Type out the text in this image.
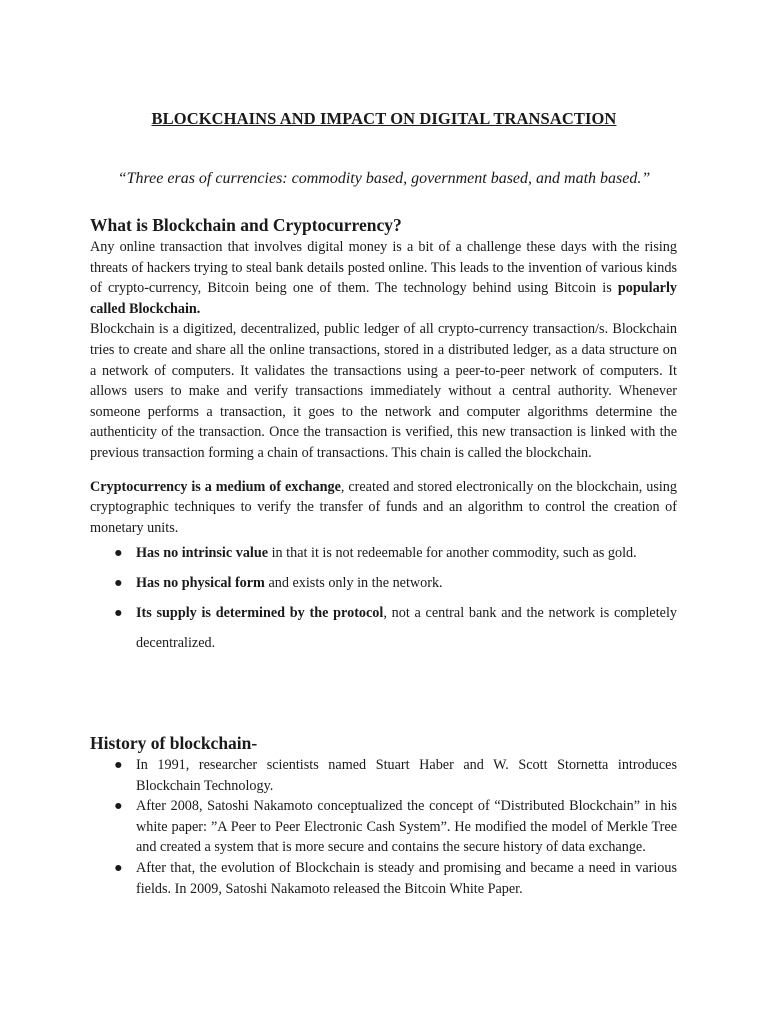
BLOCKCHAINS AND IMPACT ON DIGITAL TRANSACTION
“Three eras of currencies: commodity based, government based, and math based.”
What is Blockchain and Cryptocurrency?

Any online transaction that involves digital money is a bit of a challenge these days with the rising threats of hackers trying to steal bank details posted online. This leads to the invention of various kinds of crypto-currency, Bitcoin being one of them. The technology behind using Bitcoin is popularly called Blockchain.

Blockchain is a digitized, decentralized, public ledger of all crypto-currency transaction/s. Blockchain tries to create and share all the online transactions, stored in a distributed ledger, as a data structure on a network of computers. It validates the transactions using a peer-to-peer network of computers. It allows users to make and verify transactions immediately without a central authority. Whenever someone performs a transaction, it goes to the network and computer algorithms determine the authenticity of the transaction. Once the transaction is verified, this new transaction is linked with the previous transaction forming a chain of transactions. This chain is called the blockchain.

Cryptocurrency is a medium of exchange, created and stored electronically on the blockchain, using cryptographic techniques to verify the transfer of funds and an algorithm to control the creation of monetary units.

● Has no intrinsic value in that it is not redeemable for another commodity, such as gold.
● Has no physical form and exists only in the network.
● Its supply is determined by the protocol, not a central bank and the network is completely decentralized.
History of blockchain-
● In 1991, researcher scientists named Stuart Haber and W. Scott Stornetta introduces Blockchain Technology.
● After 2008, Satoshi Nakamoto conceptualized the concept of “Distributed Blockchain” in his white paper: ”A Peer to Peer Electronic Cash System”. He modified the model of Merkle Tree and created a system that is more secure and contains the secure history of data exchange.
● After that, the evolution of Blockchain is steady and promising and became a need in various fields. In 2009, Satoshi Nakamoto released the Bitcoin White Paper.
